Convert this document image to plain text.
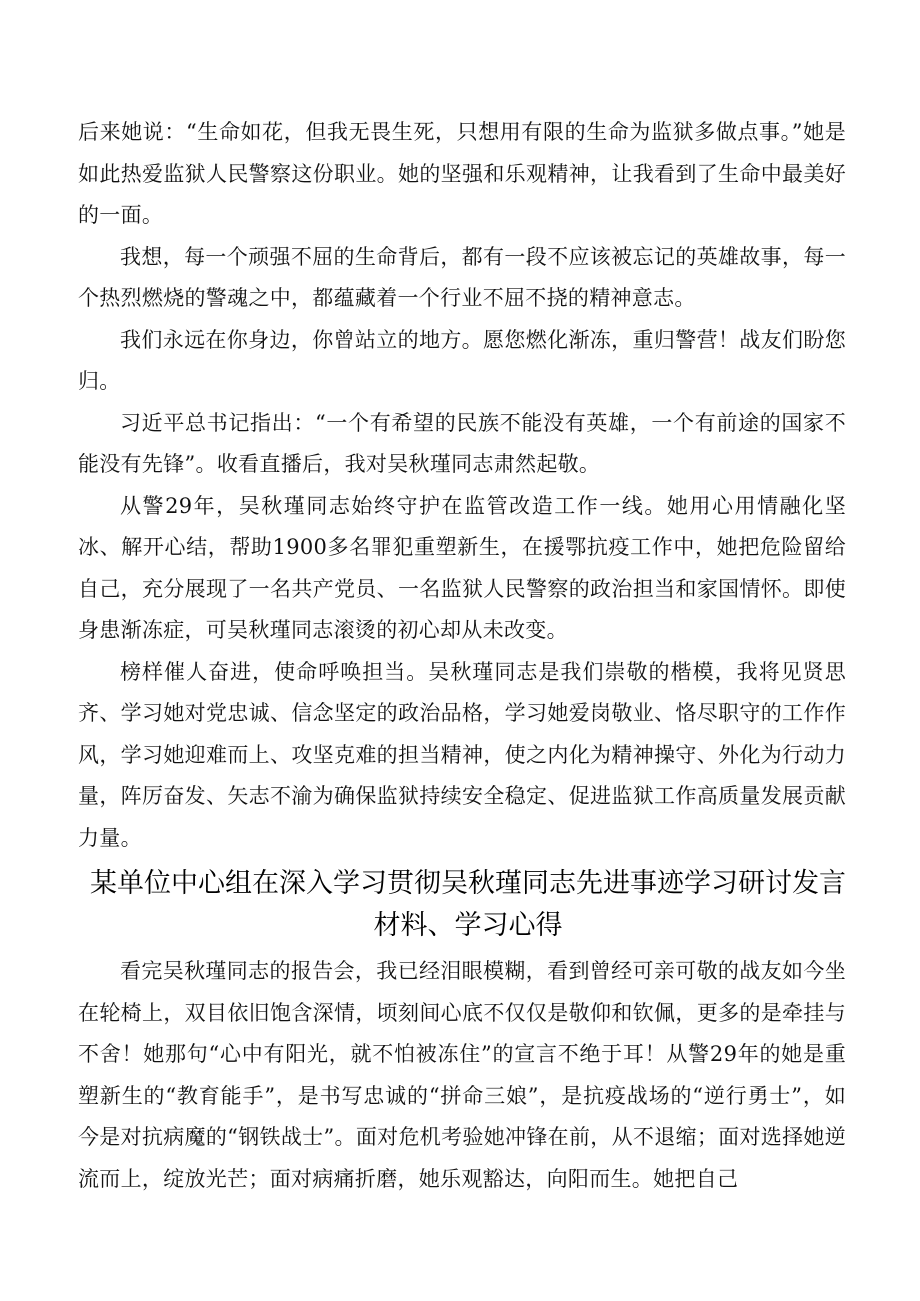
后来她说：“生命如花，但我无畏生死，只想用有限的生命为监狱多做点事。”她是如此热爱监狱人民警察这份职业。她的坚强和乐观精神，让我看到了生命中最美好的一面。

我想，每一个顽强不屈的生命背后，都有一段不应该被忘记的英雄故事，每一个热烈燃烧的警魂之中，都蕴藏着一个行业不屈不挠的精神意志。

我们永远在你身边，你曾站立的地方。愿您燃化渐冻，重归警营！战友们盼您归。

习近平总书记指出：“一个有希望的民族不能没有英雄，一个有前途的国家不能没有先锋”。收看直播后，我对吴秋瑾同志肃然起敬。

从警29年，吴秋瑾同志始终守护在监管改造工作一线。她用心用情融化坚冰、解开心结，帮助1900多名罪犯重塑新生，在援鄂抗疫工作中，她把危险留给自己，充分展现了一名共产党员、一名监狱人民警察的政治担当和家国情怀。即使身患渐冻症，可吴秋瑾同志滚烫的初心却从未改变。

榜样催人奋进，使命呼唤担当。吴秋瑾同志是我们崇敬的楷模，我将见贤思齐、学习她对党忠诚、信念坚定的政治品格，学习她爱岗敬业、恪尽职守的工作作风，学习她迎难而上、攻坚克难的担当精神，使之内化为精神操守、外化为行动力量，阵厉奋发、矢志不渝为确保监狱持续安全稳定、促进监狱工作高质量发展贡献力量。

某单位中心组在深入学习贯彻吴秋瑾同志先进事迹学习研讨发言材料、学习心得

看完吴秋瑾同志的报告会，我已经泪眼模糊，看到曾经可亲可敬的战友如今坐在轮椅上，双目依旧饱含深情，顷刻间心底不仅仅是敬仰和钦佩，更多的是牵挂与不舍！她那句“心中有阳光，就不怕被冻住”的宣言不绝于耳！从警29年的她是重塑新生的“教育能手”，是书写忠诚的“拼命三娘”，是抗疫战场的“逆行勇士”，如今是对抗病魔的“钢铁战士”。面对危机考验她冲锋在前，从不退缩；面对选择她逆流而上，绽放光芒；面对病痛折磨，她乐观豁达，向阳而生。她把自己
